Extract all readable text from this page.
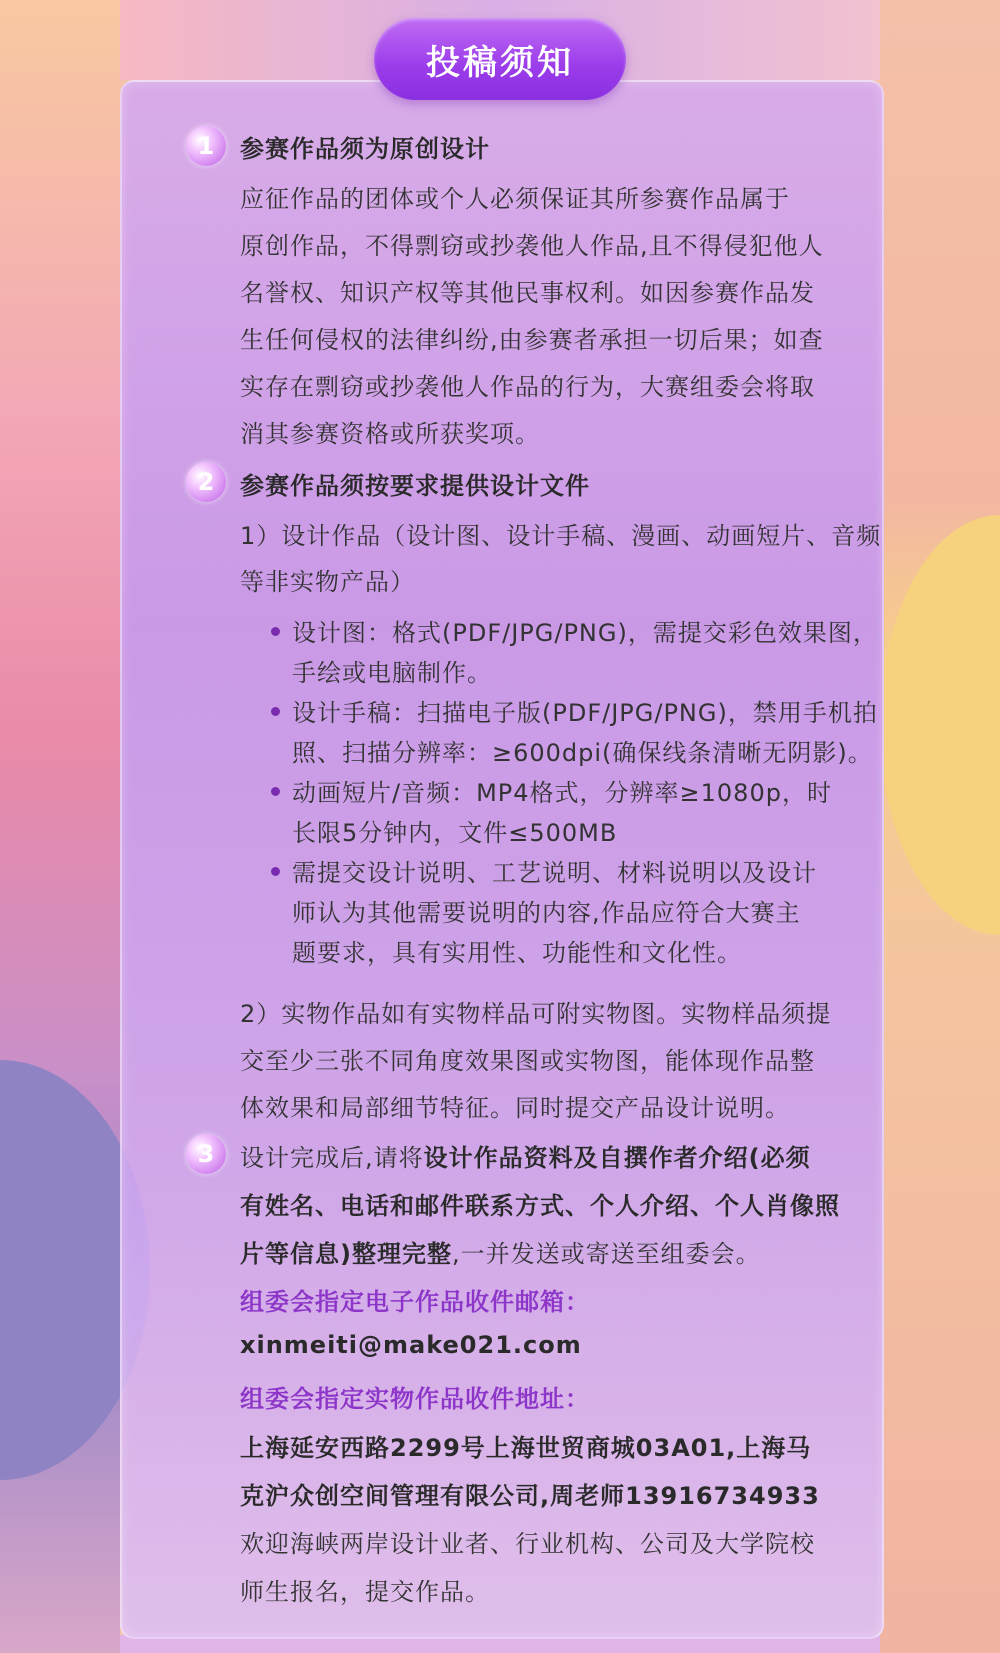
投稿须知
1	参赛作品须为原创设计
应征作品的团体或个人必须保证其所参赛作品属于
原创作品，不得剽窃或抄袭他人作品,且不得侵犯他人
名誉权、知识产权等其他民事权利。如因参赛作品发
生任何侵权的法律纠纷,由参赛者承担一切后果；如查
实存在剽窃或抄袭他人作品的行为，大赛组委会将取
消其参赛资格或所获奖项。
2	参赛作品须按要求提供设计文件
1）设计作品（设计图、设计手稿、漫画、动画短片、音频
等非实物产品）
设计图：格式(PDF/JPG/PNG)，需提交彩色效果图，
手绘或电脑制作。
设计手稿：扫描电子版(PDF/JPG/PNG)，禁用手机拍
照、扫描分辨率：≥600dpi(确保线条清晰无阴影)。
动画短片/音频：MP4格式，分辨率≥1080p，时
长限5分钟内，文件≤500MB
需提交设计说明、工艺说明、材料说明以及设计
师认为其他需要说明的内容,作品应符合大赛主
题要求，具有实用性、功能性和文化性。
2）实物作品如有实物样品可附实物图。实物样品须提
交至少三张不同角度效果图或实物图，能体现作品整
体效果和局部细节特征。同时提交产品设计说明。
3	设计完成后,请将设计作品资料及自撰作者介绍(必须
有姓名、电话和邮件联系方式、个人介绍、个人肖像照
片等信息)整理完整,一并发送或寄送至组委会。
组委会指定电子作品收件邮箱：
xinmeiti@make021.com
组委会指定实物作品收件地址：
上海延安西路2299号上海世贸商城03A01,上海马
克沪众创空间管理有限公司,周老师13916734933
欢迎海峡两岸设计业者、行业机构、公司及大学院校
师生报名，提交作品。
